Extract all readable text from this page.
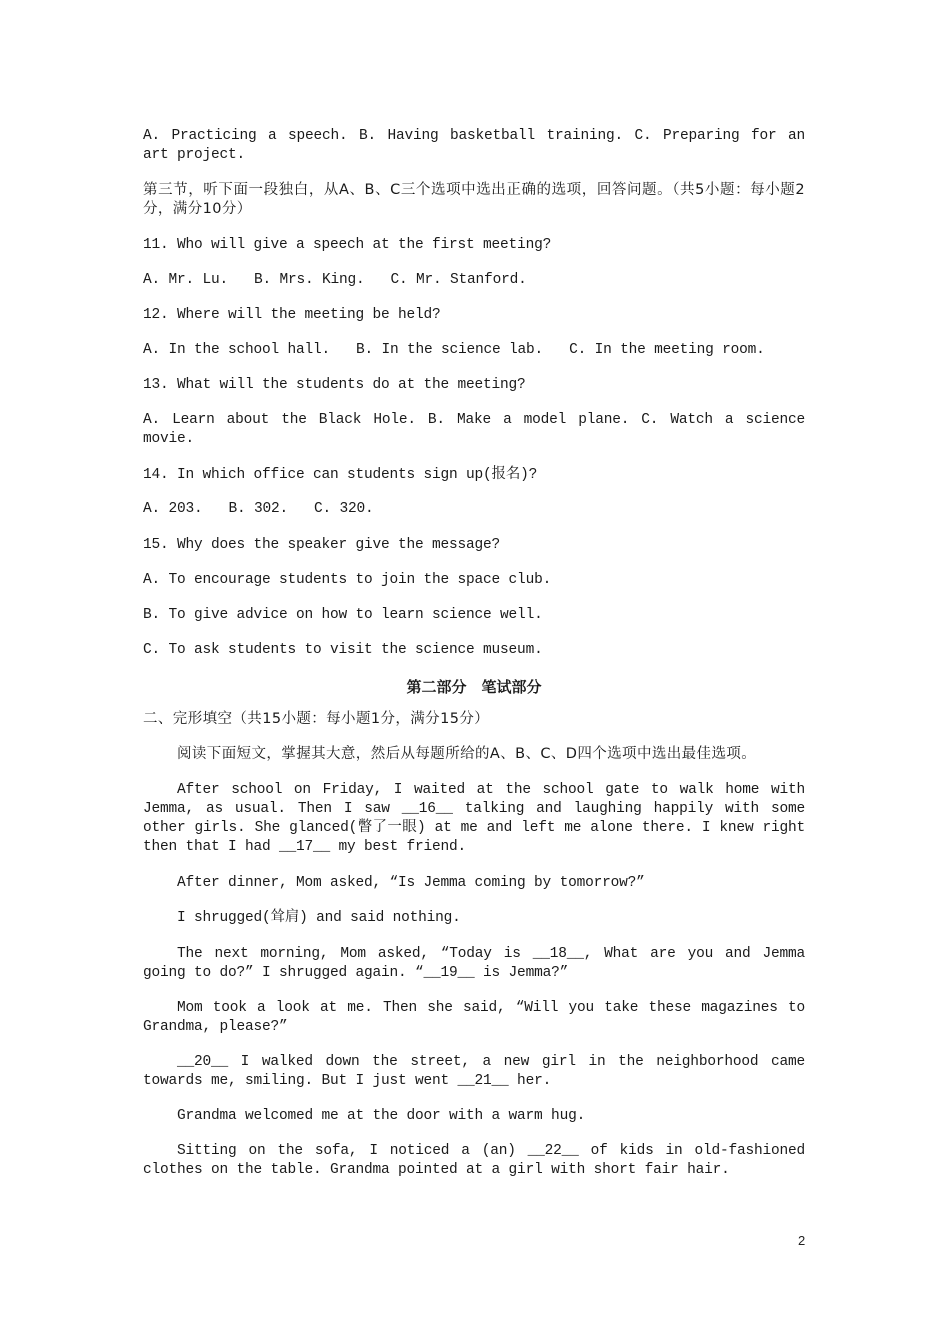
A. Practicing a speech. B. Having basketball training. C. Preparing for an art project.
第三节，听下面一段独白，从A、B、C三个选项中选出正确的选项，回答问题。（共5小题：每小题2分，满分10分）
11. Who will give a speech at the first meeting?
A. Mr. Lu. B. Mrs. King. C. Mr. Stanford.
12. Where will the meeting be held?
A. In the school hall. B. In the science lab. C. In the meeting room.
13. What will the students do at the meeting?
A. Learn about the Black Hole. B. Make a model plane. C. Watch a science movie.
14. In which office can students sign up(报名)?
A. 203. B. 302. C. 320.
15. Why does the speaker give the message?
A. To encourage students to join the space club.
B. To give advice on how to learn science well.
C. To ask students to visit the science museum.
第二部分　笔试部分
二、完形填空（共15小题：每小题1分，满分15分）
阅读下面短文，掌握其大意，然后从每题所给的A、B、C、D四个选项中选出最佳选项。
After school on Friday, I waited at the school gate to walk home with Jemma, as usual. Then I saw __16__ talking and laughing happily with some other girls. She glanced(瞥了一眼) at me and left me alone there. I knew right then that I had __17__ my best friend.
After dinner, Mom asked, “Is Jemma coming by tomorrow?”
I shrugged(耸肩) and said nothing.
The next morning, Mom asked, “Today is __18__, What are you and Jemma going to do?” I shrugged again. “__19__ is Jemma?”
Mom took a look at me. Then she said, “Will you take these magazines to Grandma, please?”
__20__ I walked down the street, a new girl in the neighborhood came towards me, smiling. But I just went __21__ her.
Grandma welcomed me at the door with a warm hug.
Sitting on the sofa, I noticed a (an) __22__ of kids in old-fashioned clothes on the table. Grandma pointed at a girl with short fair hair.
2
